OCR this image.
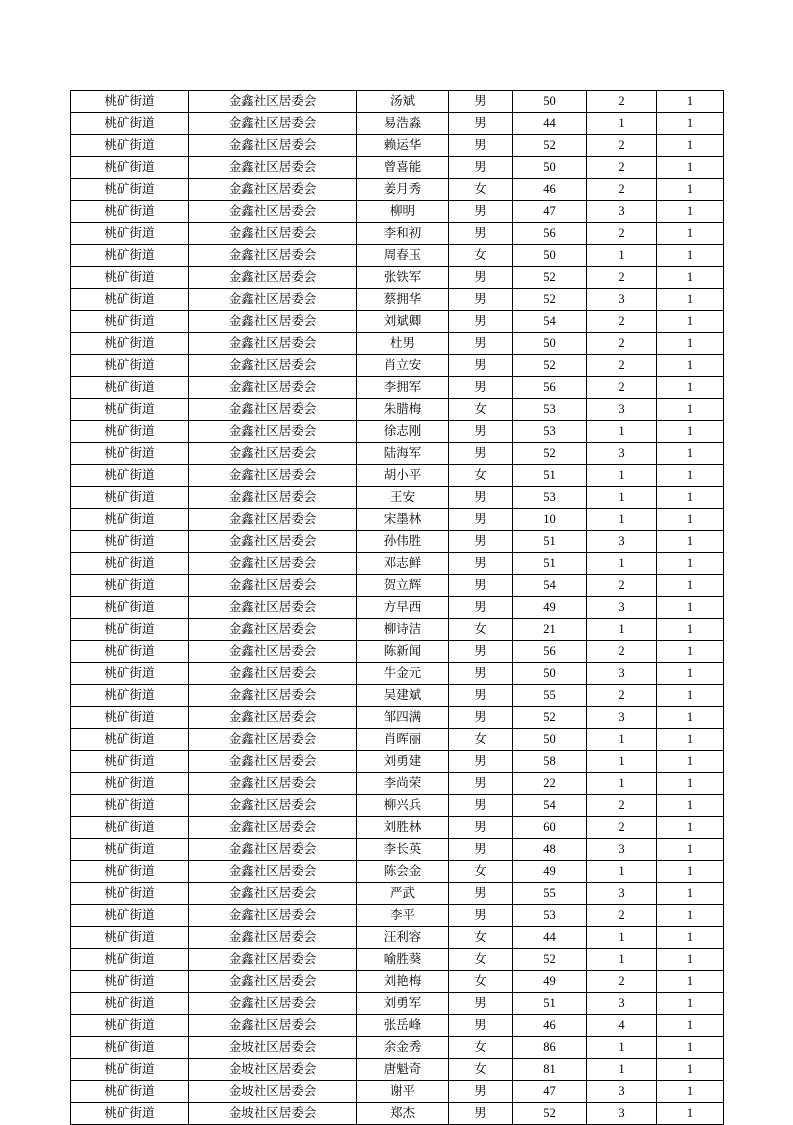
桃矿街道	金鑫社区居委会	汤斌	男	50	2	1
桃矿街道	金鑫社区居委会	易浩淼	男	44	1	1
桃矿街道	金鑫社区居委会	赖运华	男	52	2	1
桃矿街道	金鑫社区居委会	曾喜能	男	50	2	1
桃矿街道	金鑫社区居委会	姜月秀	女	46	2	1
桃矿街道	金鑫社区居委会	柳明	男	47	3	1
桃矿街道	金鑫社区居委会	李和初	男	56	2	1
桃矿街道	金鑫社区居委会	周春玉	女	50	1	1
桃矿街道	金鑫社区居委会	张铁军	男	52	2	1
桃矿街道	金鑫社区居委会	蔡拥华	男	52	3	1
桃矿街道	金鑫社区居委会	刘斌卿	男	54	2	1
桃矿街道	金鑫社区居委会	杜男	男	50	2	1
桃矿街道	金鑫社区居委会	肖立安	男	52	2	1
桃矿街道	金鑫社区居委会	李拥军	男	56	2	1
桃矿街道	金鑫社区居委会	朱腊梅	女	53	3	1
桃矿街道	金鑫社区居委会	徐志刚	男	53	1	1
桃矿街道	金鑫社区居委会	陆海军	男	52	3	1
桃矿街道	金鑫社区居委会	胡小平	女	51	1	1
桃矿街道	金鑫社区居委会	王安	男	53	1	1
桃矿街道	金鑫社区居委会	宋墨林	男	10	1	1
桃矿街道	金鑫社区居委会	孙伟胜	男	51	3	1
桃矿街道	金鑫社区居委会	邓志鲜	男	51	1	1
桃矿街道	金鑫社区居委会	贺立辉	男	54	2	1
桃矿街道	金鑫社区居委会	方早西	男	49	3	1
桃矿街道	金鑫社区居委会	柳诗洁	女	21	1	1
桃矿街道	金鑫社区居委会	陈新闻	男	56	2	1
桃矿街道	金鑫社区居委会	牛金元	男	50	3	1
桃矿街道	金鑫社区居委会	吴建斌	男	55	2	1
桃矿街道	金鑫社区居委会	邹四满	男	52	3	1
桃矿街道	金鑫社区居委会	肖晖丽	女	50	1	1
桃矿街道	金鑫社区居委会	刘勇建	男	58	1	1
桃矿街道	金鑫社区居委会	李尚荣	男	22	1	1
桃矿街道	金鑫社区居委会	柳兴兵	男	54	2	1
桃矿街道	金鑫社区居委会	刘胜林	男	60	2	1
桃矿街道	金鑫社区居委会	李长英	男	48	3	1
桃矿街道	金鑫社区居委会	陈会金	女	49	1	1
桃矿街道	金鑫社区居委会	严武	男	55	3	1
桃矿街道	金鑫社区居委会	李平	男	53	2	1
桃矿街道	金鑫社区居委会	汪利容	女	44	1	1
桃矿街道	金鑫社区居委会	喻胜葵	女	52	1	1
桃矿街道	金鑫社区居委会	刘艳梅	女	49	2	1
桃矿街道	金鑫社区居委会	刘勇军	男	51	3	1
桃矿街道	金鑫社区居委会	张岳峰	男	46	4	1
桃矿街道	金坡社区居委会	余金秀	女	86	1	1
桃矿街道	金坡社区居委会	唐魁奇	女	81	1	1
桃矿街道	金坡社区居委会	谢平	男	47	3	1
桃矿街道	金坡社区居委会	郑杰	男	52	3	1
